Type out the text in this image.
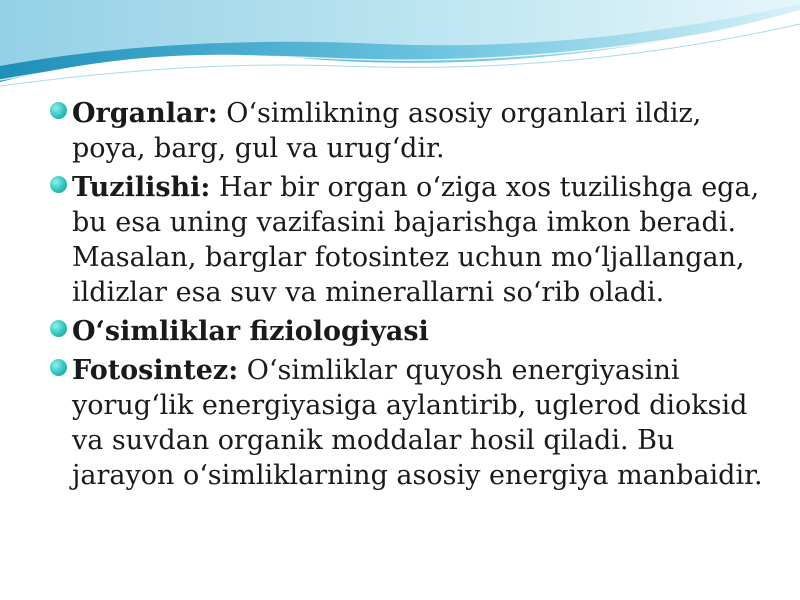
Organlar: O‘simlikning asosiy organlari ildiz, poya, barg, gul va urug‘dir.
Tuzilishi: Har bir organ o‘ziga xos tuzilishga ega, bu esa uning vazifasini bajarishga imkon beradi. Masalan, barglar fotosintez uchun mo‘ljallangan, ildizlar esa suv va minerallarni so‘rib oladi.
O‘simliklar fiziologiyasi
Fotosintez: O‘simliklar quyosh energiyasini yorug‘lik energiyasiga aylantirib, uglerod dioksid va suvdan organik moddalar hosil qiladi. Bu jarayon o‘simliklarning asosiy energiya manbaidir.
